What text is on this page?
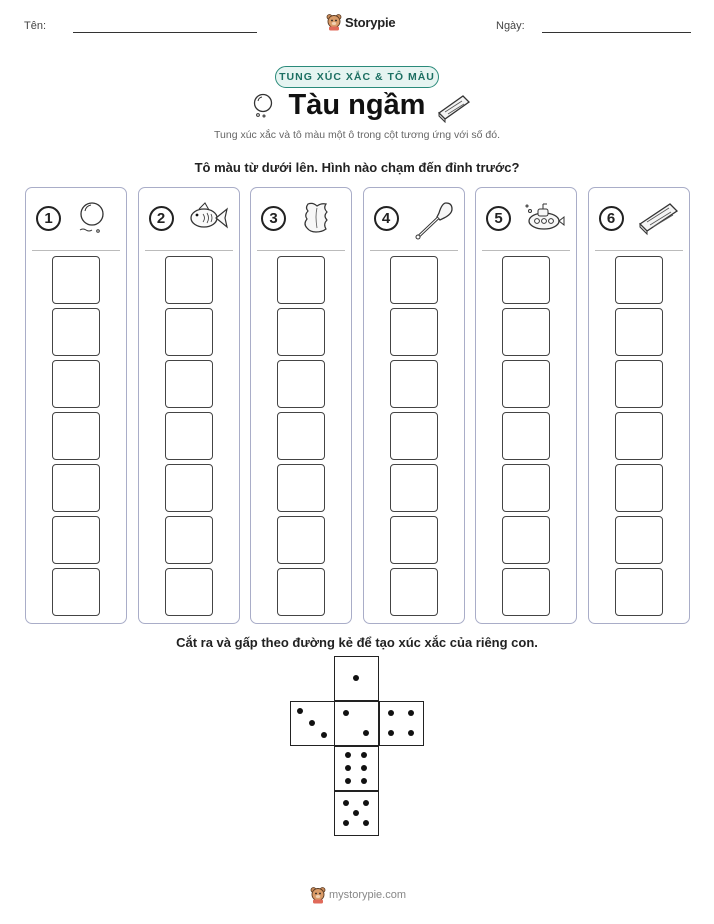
Tên:	Storypie	Ngày:
TUNG XÚC XẮC & TÔ MÀU
Tàu ngầm
Tung xúc xắc và tô màu một ô trong cột tương ứng với số đó.
Tô màu từ dưới lên. Hình nào chạm đến đỉnh trước?
1	2	3	4	5	6
Cắt ra và gấp theo đường kẻ để tạo xúc xắc của riêng con.
mystorypie.com
